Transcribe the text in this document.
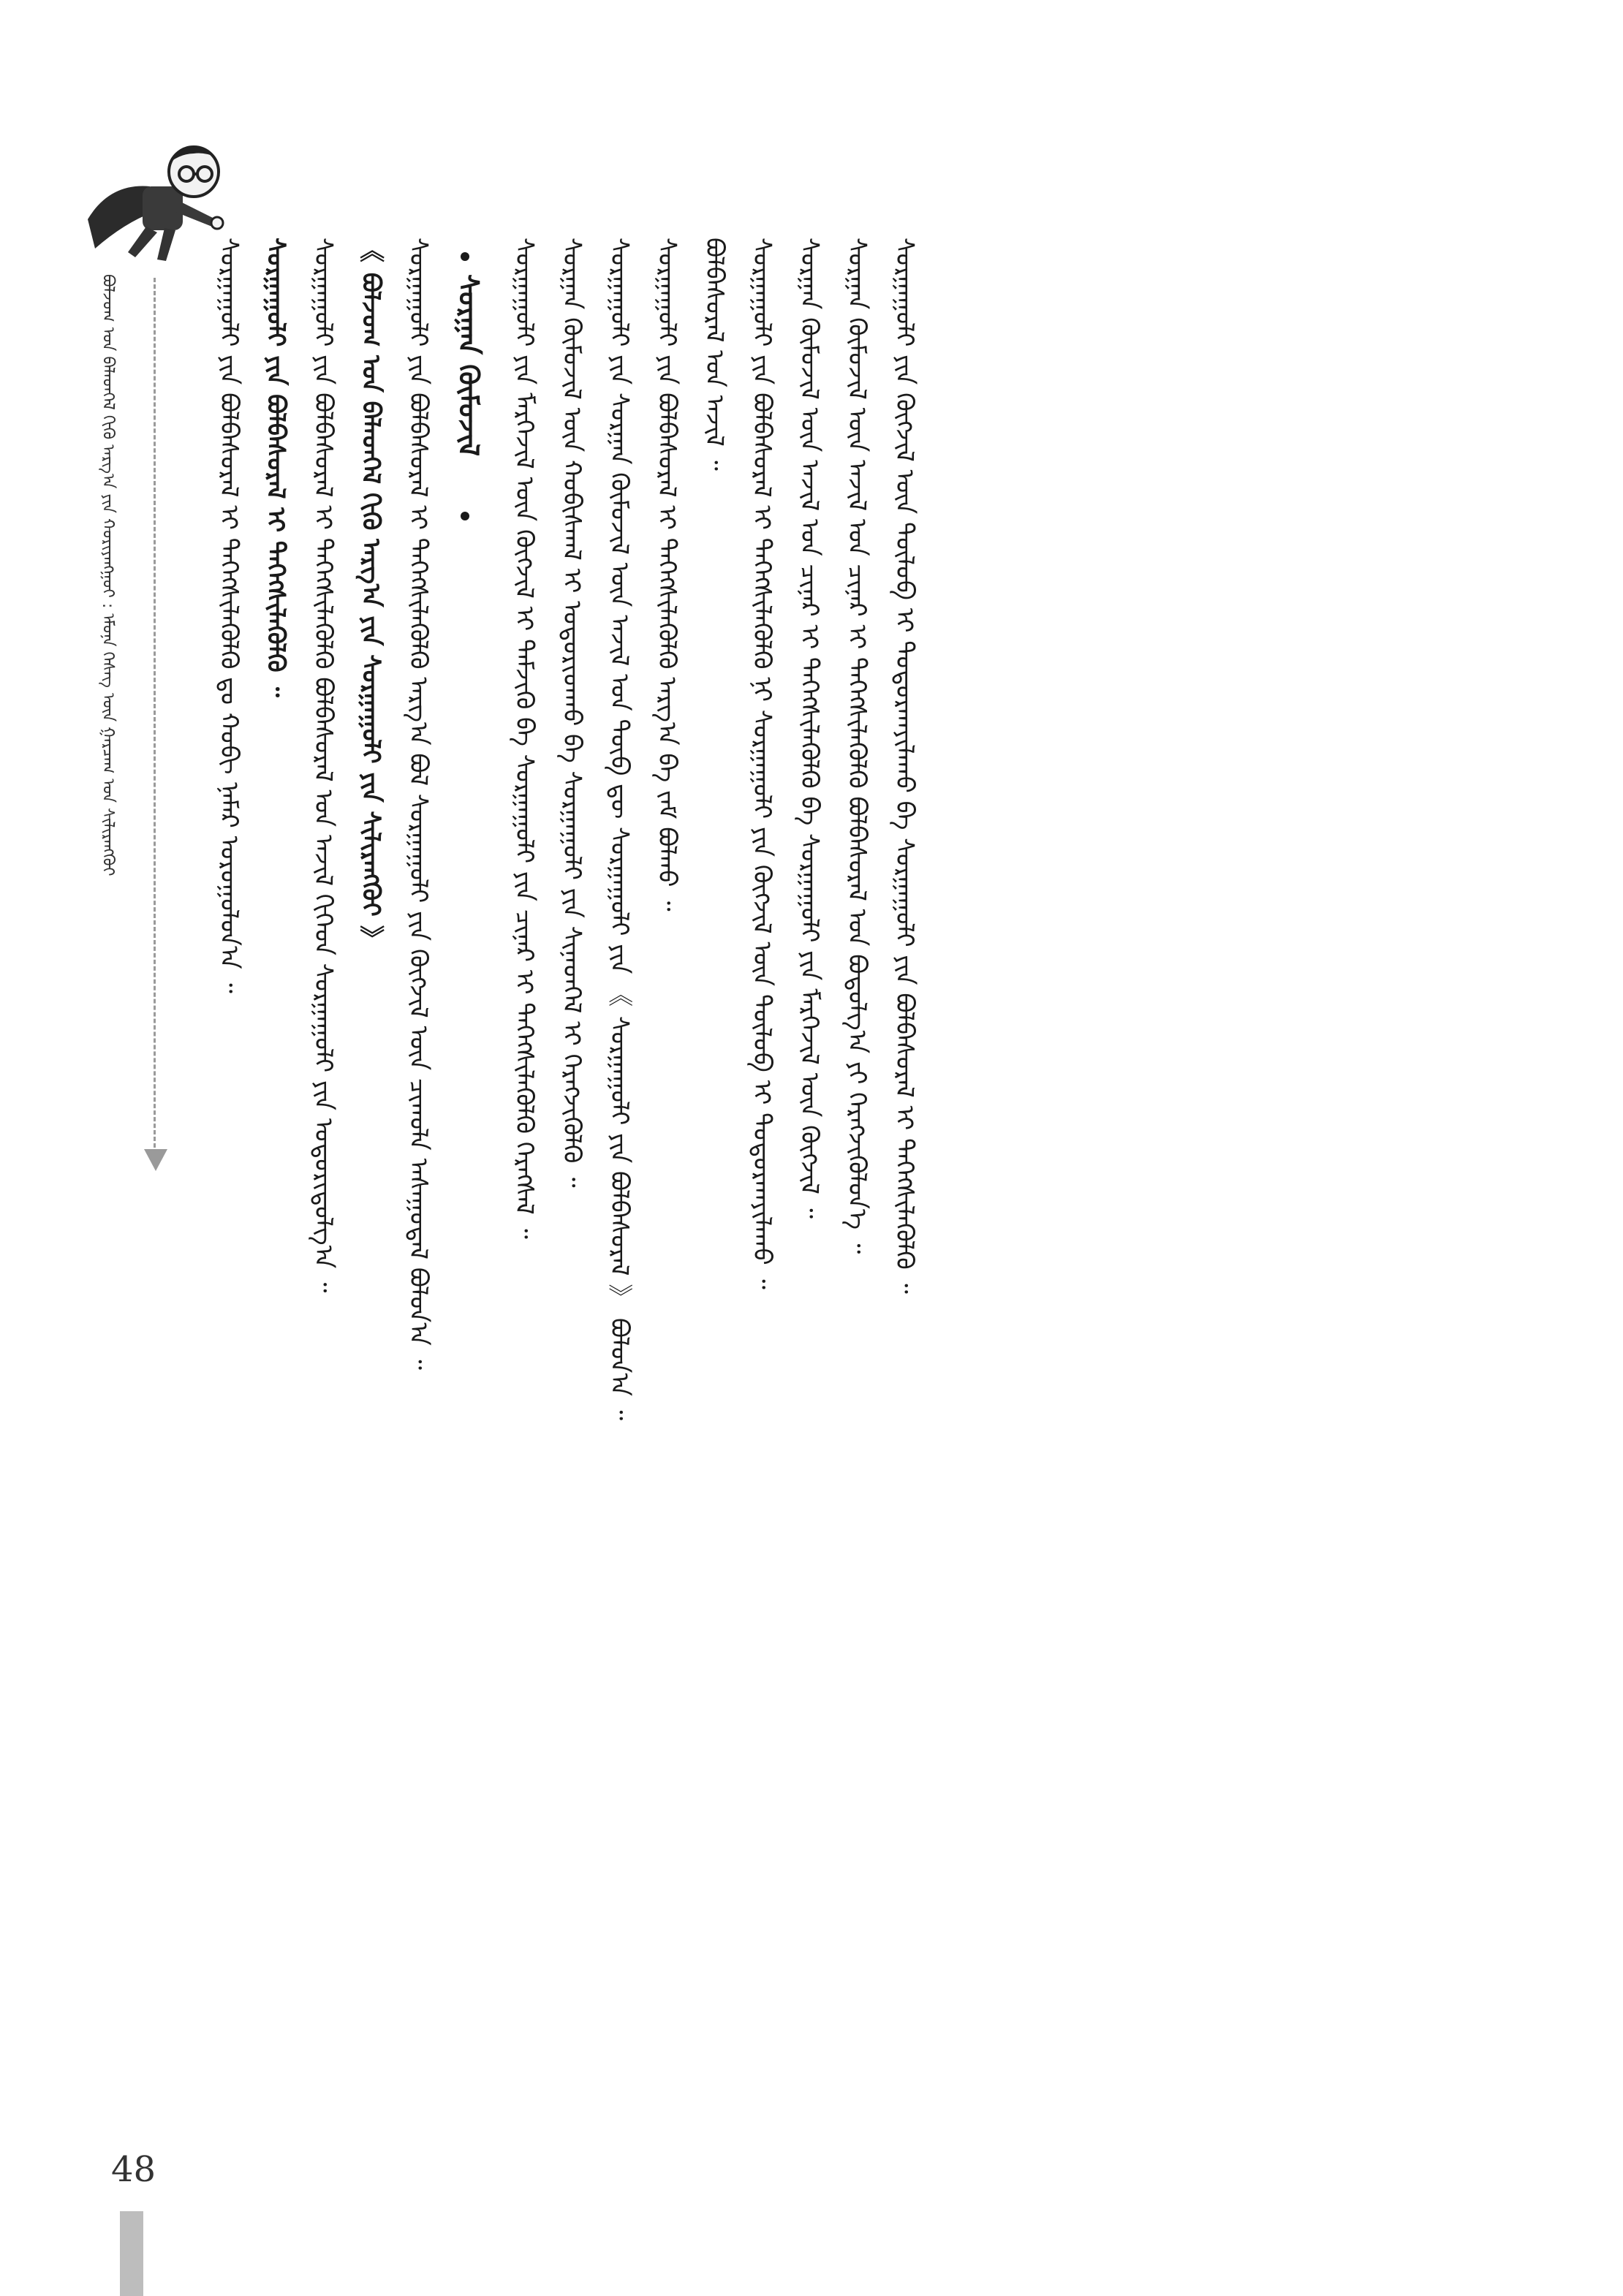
ᠪᠣᠯᠵᠣᠭ ᠤᠨ ᠪᠡᠯᠡᠳᠭᠡᠯ ᠬᠢᠬᠦ ᠠᠷᠭ᠎ᠠ ᠶᠢᠨ ᠬᠤᠷᠢᠶᠠᠩᠭᠤᠢ : ᠡᠮᠦᠨᠡ ᠬᠡᠰᠡᠭ ᠦᠨ ᠭᠠᠷᠴᠠᠭ ᠤᠨ ᠰᠢᠯᠢᠷᠡᠩᠭᠦᠢ	ᠰᠤᠷᠭᠠᠭᠤᠯᠢ ᠶᠢᠨ ᠪᠣᠯᠪᠠᠰᠤᠷᠠᠯ ᠢ ᠳᠡᠭᠡᠭᠰᠢᠯᠡᠭᠦᠯᠬᠦ ᠳᠤ ᠬᠤᠪᠢ ᠨᠡᠮᠡᠷ ᠣᠷᠣᠭᠤᠯᠤᠨ᠎ᠠ ᠃ ᠰᠤᠷᠭᠠᠭᠤᠯᠢ ᠶᠢᠨ ᠪᠣᠯᠪᠠᠰᠤᠷᠠᠯ ᠢ ᠳᠡᠭᠡᠭᠰᠢᠯᠡᠭᠦᠯᠬᠦ ᠃ ᠰᠤᠷᠭᠠᠭᠤᠯᠢ ᠶᠢᠨ ᠪᠣᠯᠪᠠᠰᠤᠷᠠᠯ ᠢ ᠳᠡᠭᠡᠭᠰᠢᠯᠡᠭᠦᠯᠬᠦ ᠪᠣᠯᠪᠠᠰᠤᠷᠠᠯ ᠤᠨ ᠠᠵᠢᠯ ᠬᠢᠭᠡᠳ ᠰᠤᠷᠭᠠᠭᠤᠯᠢ ᠶᠢᠨ ᠤᠳᠤᠷᠢᠳᠤᠯᠭ᠎ᠠ ᠃ 《 ᠪᠣᠯᠵᠣᠭ ᠤᠨ ᠪᠡᠯᠡᠳᠭᠡᠯ ᠬᠢᠬᠦ ᠠᠷᠭ᠎ᠠ ᠶᠢᠨ ᠰᠤᠷᠭᠠᠭᠤᠯᠢ ᠶᠢᠨ ᠰᠢᠯᠢᠷᠡᠩᠭᠦᠢ 》 ᠰᠤᠷᠭᠠᠭᠤᠯᠢ ᠶᠢᠨ ᠪᠣᠯᠪᠠᠰᠤᠷᠠᠯ ᠢ ᠳᠡᠭᠡᠭᠰᠢᠯᠡᠭᠦᠯᠬᠦ ᠠᠷᠭ᠎ᠠ ᠪᠣᠯ ᠰᠤᠷᠭᠠᠭᠤᠯᠢ ᠶᠢᠨ ᠬᠥᠭᠵᠢᠯ ᠦᠨ ᠴᠢᠬᠤᠯᠠ ᠠᠰᠠᠭᠤᠳᠠᠯ ᠪᠣᠯᠤᠨ᠎ᠠ ᠃ ᠰᠤᠷᠭᠠᠨ ᠬᠥᠮᠦᠵᠢᠯ ᠰᠤᠷᠭᠠᠭᠤᠯᠢ ᠶᠢᠨ ᠮᠡᠷᠭᠡᠵᠢᠯ ᠦᠨ ᠬᠥᠭᠵᠢᠯ ᠢ ᠳᠡᠮᠵᠢᠬᠦ ᠪᠠ ᠰᠤᠷᠭᠠᠭᠤᠯᠢ ᠶᠢᠨ ᠴᠢᠨᠠᠷ ᠢ ᠳᠡᠭᠡᠭᠰᠢᠯᠡᠭᠦᠯᠬᠦ ᠬᠡᠷᠡᠭᠰᠡᠯ ᠃ ᠰᠤᠷᠭᠠᠨ ᠬᠥᠮᠦᠵᠢᠯ ᠦᠨ ᠬᠤᠪᠢᠰᠬᠠᠯ ᠢ ᠤᠳᠤᠷᠢᠳᠬᠤ ᠪᠠ ᠰᠤᠷᠭᠠᠭᠤᠯᠢ ᠶᠢᠨ ᠰᠢᠨᠡᠳᠬᠡᠯ ᠢ ᠬᠡᠷᠡᠭᠵᠢᠭᠦᠯᠬᠦ ᠃ ᠰᠤᠷᠭᠠᠭᠤᠯᠢ ᠶᠢᠨ ᠰᠤᠷᠭᠠᠨ ᠬᠥᠮᠦᠵᠢᠯ ᠦᠨ ᠠᠵᠢᠯ ᠤᠨ ᠲᠥᠪ ᠳᠦ ᠰᠤᠷᠭᠠᠭᠤᠯᠢ ᠶᠢᠨ 《 ᠰᠤᠷᠭᠠᠭᠤᠯᠢ ᠶᠢᠨ ᠪᠣᠯᠪᠠᠰᠤᠷᠠᠯ 》 ᠪᠣᠯᠤᠨ᠎ᠠ ᠃ ᠰᠤᠷᠭᠠᠭᠤᠯᠢ ᠶᠢᠨ ᠪᠣᠯᠪᠠᠰᠤᠷᠠᠯ ᠢ ᠳᠡᠭᠡᠭᠰᠢᠯᠡᠭᠦᠯᠬᠦ ᠠᠷᠭ᠎ᠠ ᠪᠠ ᠵᠠᠮ ᠪᠣᠯᠬᠤ ᠃ ᠪᠣᠯᠪᠠᠰᠤᠷᠠᠯ ᠤᠨ ᠠᠵᠢᠯ ᠃ ᠰᠤᠷᠭᠠᠭᠤᠯᠢ ᠶᠢᠨ ᠪᠣᠯᠪᠠᠰᠤᠷᠠᠯ ᠢ ᠳᠡᠭᠡᠭᠰᠢᠯᠡᠭᠦᠯᠬᠦ ᠨᠢ ᠰᠤᠷᠭᠠᠭᠤᠯᠢ ᠶᠢᠨ ᠬᠥᠭᠵᠢᠯ ᠦᠨ ᠲᠥᠯᠦᠪ ᠢ ᠲᠣᠳᠤᠷᠬᠠᠶᠢᠯᠠᠬᠤ ᠃ ᠰᠤᠷᠭᠠᠨ ᠬᠥᠮᠦᠵᠢᠯ ᠦᠨ ᠠᠵᠢᠯ ᠤᠨ ᠴᠢᠨᠠᠷ ᠢ ᠳᠡᠭᠡᠭᠰᠢᠯᠡᠭᠦᠯᠬᠦ ᠪᠠ ᠰᠤᠷᠭᠠᠭᠤᠯᠢ ᠶᠢᠨ ᠮᠡᠷᠭᠡᠵᠢᠯ ᠦᠨ ᠬᠥᠭᠵᠢᠯ ᠃ ᠰᠤᠷᠭᠠᠨ ᠬᠥᠮᠦᠵᠢᠯ ᠦᠨ ᠠᠵᠢᠯ ᠤᠨ ᠴᠢᠨᠠᠷ ᠢ ᠳᠡᠭᠡᠭᠰᠢᠯᠡᠭᠦᠯᠬᠦ ᠪᠣᠯᠪᠠᠰᠤᠷᠠᠯ ᠤᠨ ᠪᠣᠳᠣᠯᠭ᠎ᠠ ᠶᠢ ᠬᠡᠷᠡᠭᠵᠢᠭᠦᠯᠦᠨ᠎ᠡ ᠃ ᠰᠤᠷᠭᠠᠭᠤᠯᠢ ᠶᠢᠨ ᠬᠥᠭᠵᠢᠯ ᠦᠨ ᠲᠥᠯᠦᠪ ᠢ ᠲᠣᠳᠤᠷᠬᠠᠶᠢᠯᠠᠬᠤ ᠪᠠ ᠰᠤᠷᠭᠠᠭᠤᠯᠢ ᠶᠢᠨ ᠪᠣᠯᠪᠠᠰᠤᠷᠠᠯ ᠢ ᠳᠡᠭᠡᠭᠰᠢᠯᠡᠭᠦᠯᠬᠦ ᠃
48
